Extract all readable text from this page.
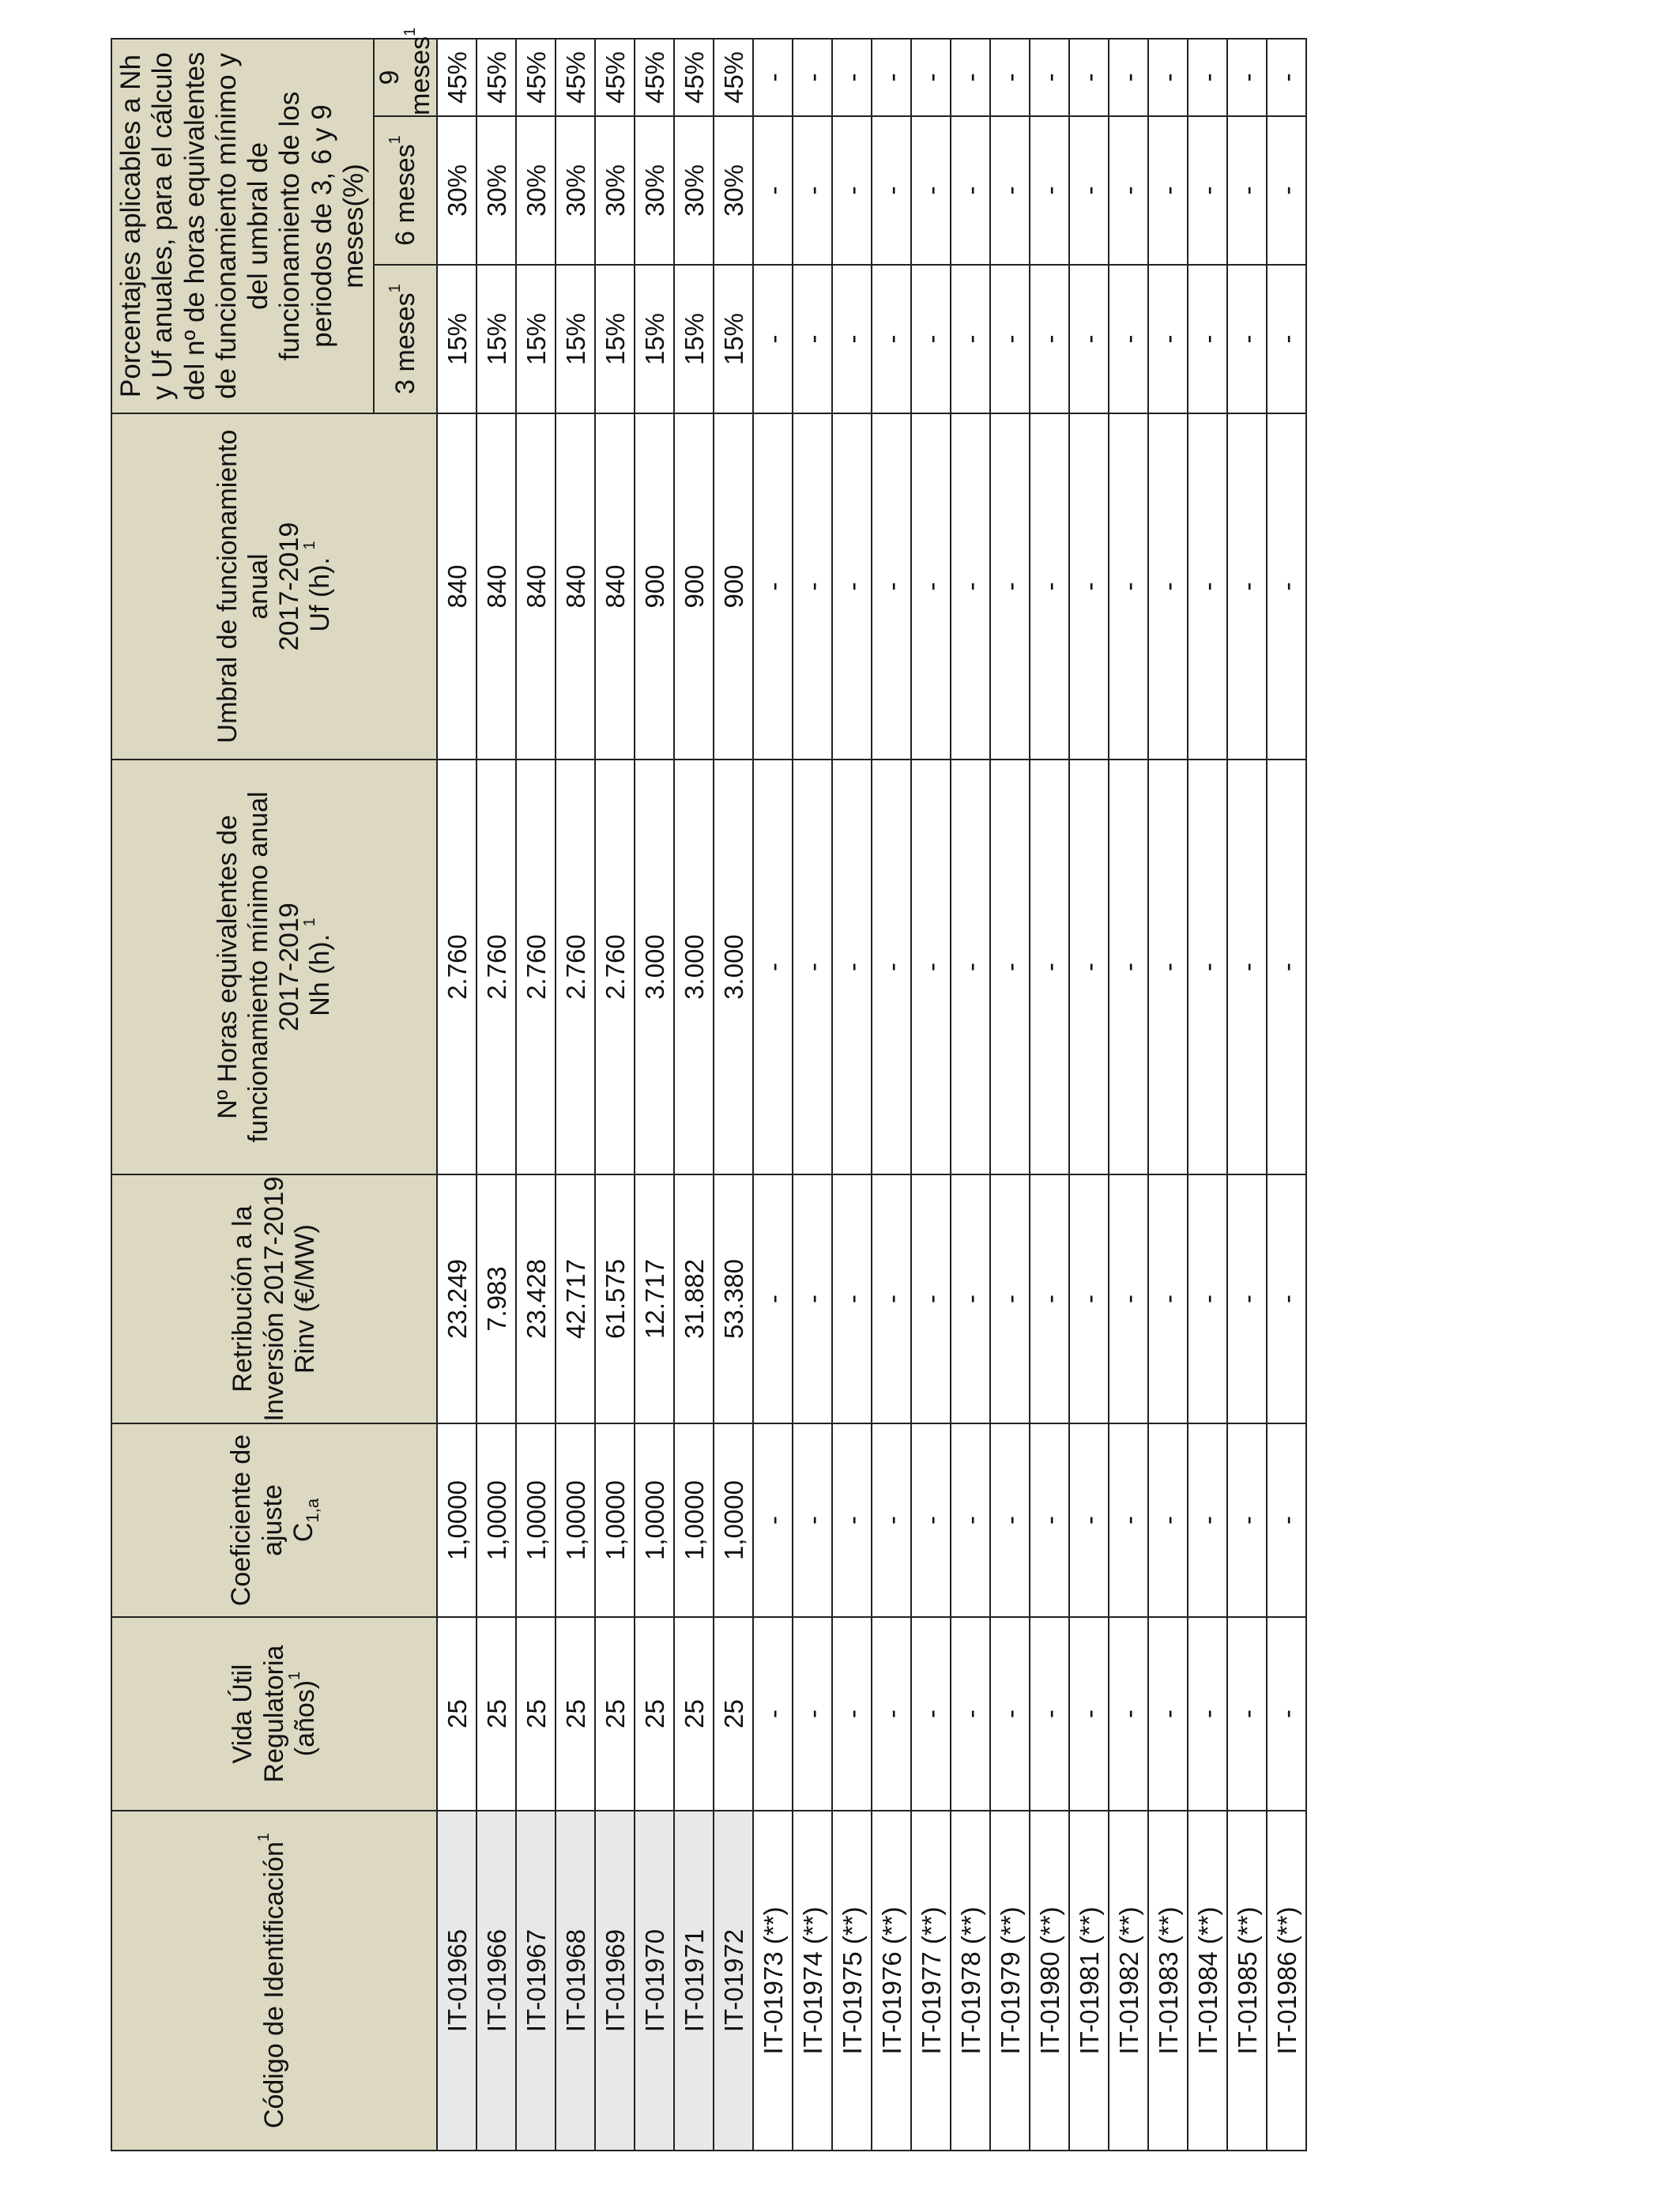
Código de Identificación$^1$	Vida Útil Regulatoria (años)$^1$	Coeficiente de ajuste
$C_{1,a}$	Retribución a la Inversión 2017-2019 Rinv (€/MW)	Nº Horas equivalentes de funcionamiento mínimo anual
2017-2019
Nh (h). $^1$	Umbral de funcionamiento anual
2017-2019
Uf (h). $^1$	Porcentajes aplicables a Nh y Uf anuales, para el cálculo del nº de horas equivalentes de funcionamiento mínimo y del umbral de funcionamiento de los periodos de 3, 6 y 9 meses(%)		
						3 meses$^1$	6 meses$^1$	9 meses$^1$
IT-01965	25	1,0000	23.249	2.760	840	15%	30%	45%
IT-01966	25	1,0000	7.983	2.760	840	15%	30%	45%
IT-01967	25	1,0000	23.428	2.760	840	15%	30%	45%
IT-01968	25	1,0000	42.717	2.760	840	15%	30%	45%
IT-01969	25	1,0000	61.575	2.760	840	15%	30%	45%
IT-01970	25	1,0000	12.717	3.000	900	15%	30%	45%
IT-01971	25	1,0000	31.882	3.000	900	15%	30%	45%
IT-01972	25	1,0000	53.380	3.000	900	15%	30%	45%
IT-01973 (**)	-	-	-	-	-	-	-	-
IT-01974 (**)	-	-	-	-	-	-	-	-
IT-01975 (**)	-	-	-	-	-	-	-	-
IT-01976 (**)	-	-	-	-	-	-	-	-
IT-01977 (**)	-	-	-	-	-	-	-	-
IT-01978 (**)	-	-	-	-	-	-	-	-
IT-01979 (**)	-	-	-	-	-	-	-	-
IT-01980 (**)	-	-	-	-	-	-	-	-
IT-01981 (**)	-	-	-	-	-	-	-	-
IT-01982 (**)	-	-	-	-	-	-	-	-
IT-01983 (**)	-	-	-	-	-	-	-	-
IT-01984 (**)	-	-	-	-	-	-	-	-
IT-01985 (**)	-	-	-	-	-	-	-	-
IT-01986 (**)	-	-	-	-	-	-	-	-
